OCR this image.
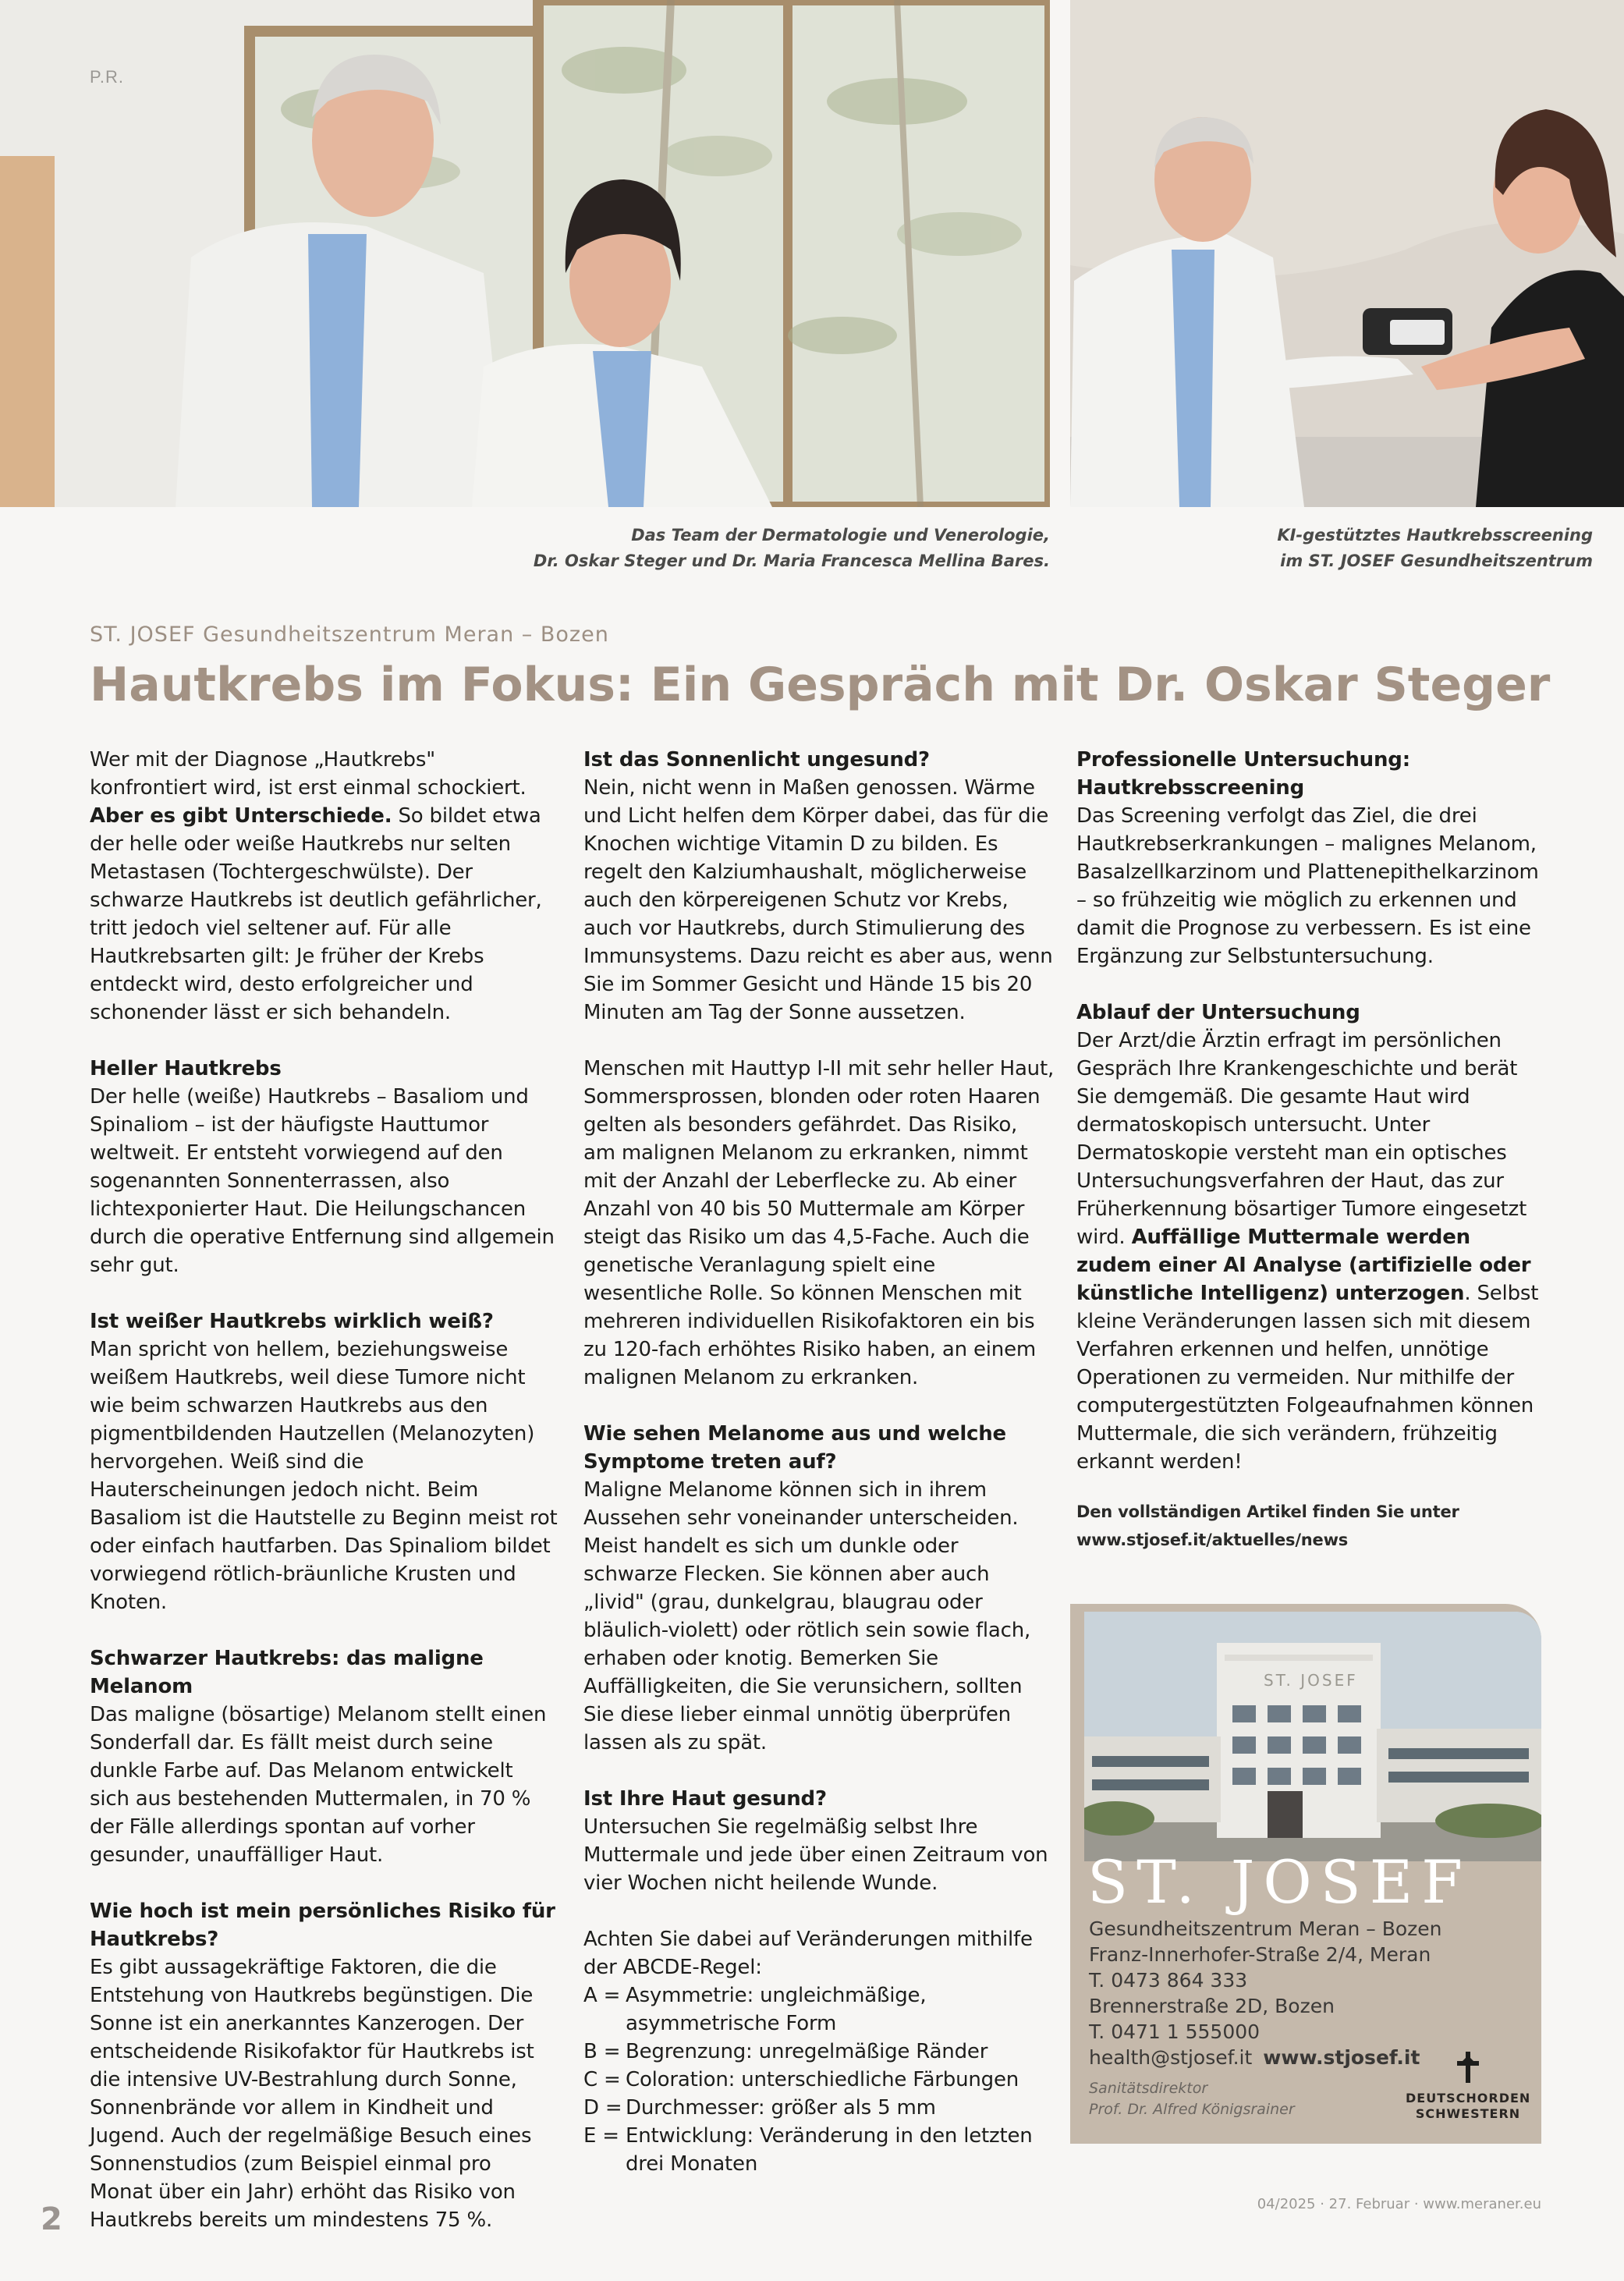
P.R.
Das Team der Dermatologie und Venerologie,
Dr. Oskar Steger und Dr. Maria Francesca Mellina Bares.
KI-gestütztes Hautkrebsscreening
im ST. JOSEF Gesundheitszentrum
ST. JOSEF Gesundheitszentrum Meran – Bozen
Hautkrebs im Fokus: Ein Gespräch mit Dr. Oskar Steger

Wer mit der Diagnose „Hautkrebs" konfrontiert wird, ist erst einmal schockiert. Aber es gibt Unterschiede. So bildet etwa der helle oder weiße Hautkrebs nur selten Metastasen (Tochtergeschwülste). Der schwarze Hautkrebs ist deutlich gefährlicher, tritt jedoch viel seltener auf. Für alle Hautkrebsarten gilt: Je früher der Krebs entdeckt wird, desto erfolgreicher und schonender lässt er sich behandeln.

Heller Hautkrebs

Der helle (weiße) Hautkrebs – Basaliom und Spinaliom – ist der häufigste Hauttumor weltweit. Er entsteht vorwiegend auf den sogenannten Sonnenterrassen, also lichtexponierter Haut. Die Heilungschancen durch die operative Entfernung sind allgemein sehr gut.

Ist weißer Hautkrebs wirklich weiß?

Man spricht von hellem, beziehungsweise weißem Hautkrebs, weil diese Tumore nicht wie beim schwarzen Hautkrebs aus den pigmentbildenden Hautzellen (Melanozyten) hervorgehen. Weiß sind die Hauterscheinungen jedoch nicht. Beim Basaliom ist die Hautstelle zu Beginn meist rot oder einfach hautfarben. Das Spinaliom bildet vorwiegend rötlich-bräunliche Krusten und Knoten.

Schwarzer Hautkrebs: das maligne Melanom

Das maligne (bösartige) Melanom stellt einen Sonderfall dar. Es fällt meist durch seine dunkle Farbe auf. Das Melanom entwickelt sich aus bestehenden Muttermalen, in 70 % der Fälle allerdings spontan auf vorher gesunder, unauffälliger Haut.

Wie hoch ist mein persönliches Risiko für Hautkrebs?

Es gibt aussagekräftige Faktoren, die die Entstehung von Hautkrebs begünstigen. Die Sonne ist ein anerkanntes Kanzerogen. Der entscheidende Risikofaktor für Hautkrebs ist die intensive UV-Bestrahlung durch Sonne, Sonnenbrände vor allem in Kindheit und Jugend. Auch der regelmäßige Besuch eines Sonnenstudios (zum Beispiel einmal pro Monat über ein Jahr) erhöht das Risiko von Hautkrebs bereits um mindestens 75 %.

Ist das Sonnenlicht ungesund?

Nein, nicht wenn in Maßen genossen. Wärme und Licht helfen dem Körper dabei, das für die Knochen wichtige Vitamin D zu bilden. Es regelt den Kalziumhaushalt, möglicherweise auch den körpereigenen Schutz vor Krebs, auch vor Hautkrebs, durch Stimulierung des Immunsystems. Dazu reicht es aber aus, wenn Sie im Sommer Gesicht und Hände 15 bis 20 Minuten am Tag der Sonne aussetzen.

Menschen mit Hauttyp I-II mit sehr heller Haut, Sommersprossen, blonden oder roten Haaren gelten als besonders gefährdet. Das Risiko, am malignen Melanom zu erkranken, nimmt mit der Anzahl der Leberflecke zu. Ab einer Anzahl von 40 bis 50 Muttermale am Körper steigt das Risiko um das 4,5-Fache. Auch die genetische Veranlagung spielt eine wesentliche Rolle. So können Menschen mit mehreren individuellen Risikofaktoren ein bis zu 120-fach erhöhtes Risiko haben, an einem malignen Melanom zu erkranken.

Wie sehen Melanome aus und welche Symptome treten auf?

Maligne Melanome können sich in ihrem Aussehen sehr voneinander unterscheiden. Meist handelt es sich um dunkle oder schwarze Flecken. Sie können aber auch „livid" (grau, dunkelgrau, blaugrau oder bläulich-violett) oder rötlich sein sowie flach, erhaben oder knotig. Bemerken Sie Auffälligkeiten, die Sie verunsichern, sollten Sie diese lieber einmal unnötig überprüfen lassen als zu spät.

Ist Ihre Haut gesund?

Untersuchen Sie regelmäßig selbst Ihre Muttermale und jede über einen Zeitraum von vier Wochen nicht heilende Wunde.

Achten Sie dabei auf Veränderungen mithilfe der ABCDE-Regel:

A = Asymmetrie: ungleichmäßige, asymmetrische Form
B = Begrenzung: unregelmäßige Ränder
C = Coloration: unterschiedliche Färbungen
D = Durchmesser: größer als 5 mm
E = Entwicklung: Veränderung in den letzten drei Monaten

Professionelle Untersuchung: Hautkrebsscreening

Das Screening verfolgt das Ziel, die drei Hautkrebserkrankungen – malignes Melanom, Basalzellkarzinom und Plattenepithelkarzinom – so frühzeitig wie möglich zu erkennen und damit die Prognose zu verbessern. Es ist eine Ergänzung zur Selbstuntersuchung.

Ablauf der Untersuchung

Der Arzt/die Ärztin erfragt im persönlichen Gespräch Ihre Krankengeschichte und berät Sie demgemäß. Die gesamte Haut wird dermatoskopisch untersucht. Unter Dermatoskopie versteht man ein optisches Untersuchungsverfahren der Haut, das zur Früherkennung bösartiger Tumore eingesetzt wird. Auffällige Muttermale werden zudem einer AI Analyse (artifizielle oder künstliche Intelligenz) unterzogen. Selbst kleine Veränderungen lassen sich mit diesem Verfahren erkennen und helfen, unnötige Operationen zu vermeiden. Nur mithilfe der computergestützten Folgeaufnahmen können Muttermale, die sich verändern, frühzeitig erkannt werden!

Den vollständigen Artikel finden Sie unter
www.stjosef.it/aktuelles/news
ST. JOSEF
ST. JOSEF
Gesundheitszentrum Meran – Bozen
Franz-Innerhofer-Straße 2/4, Meran
T. 0473 864 333
Brennerstraße 2D, Bozen
T. 0471 1 555000
health@stjosef.it www.stjosef.it
Sanitätsdirektor
Prof. Dr. Alfred Königsrainer
DEUTSCHORDEN
SCHWESTERN
2	04/2025 · 27. Februar · www.meraner.eu
